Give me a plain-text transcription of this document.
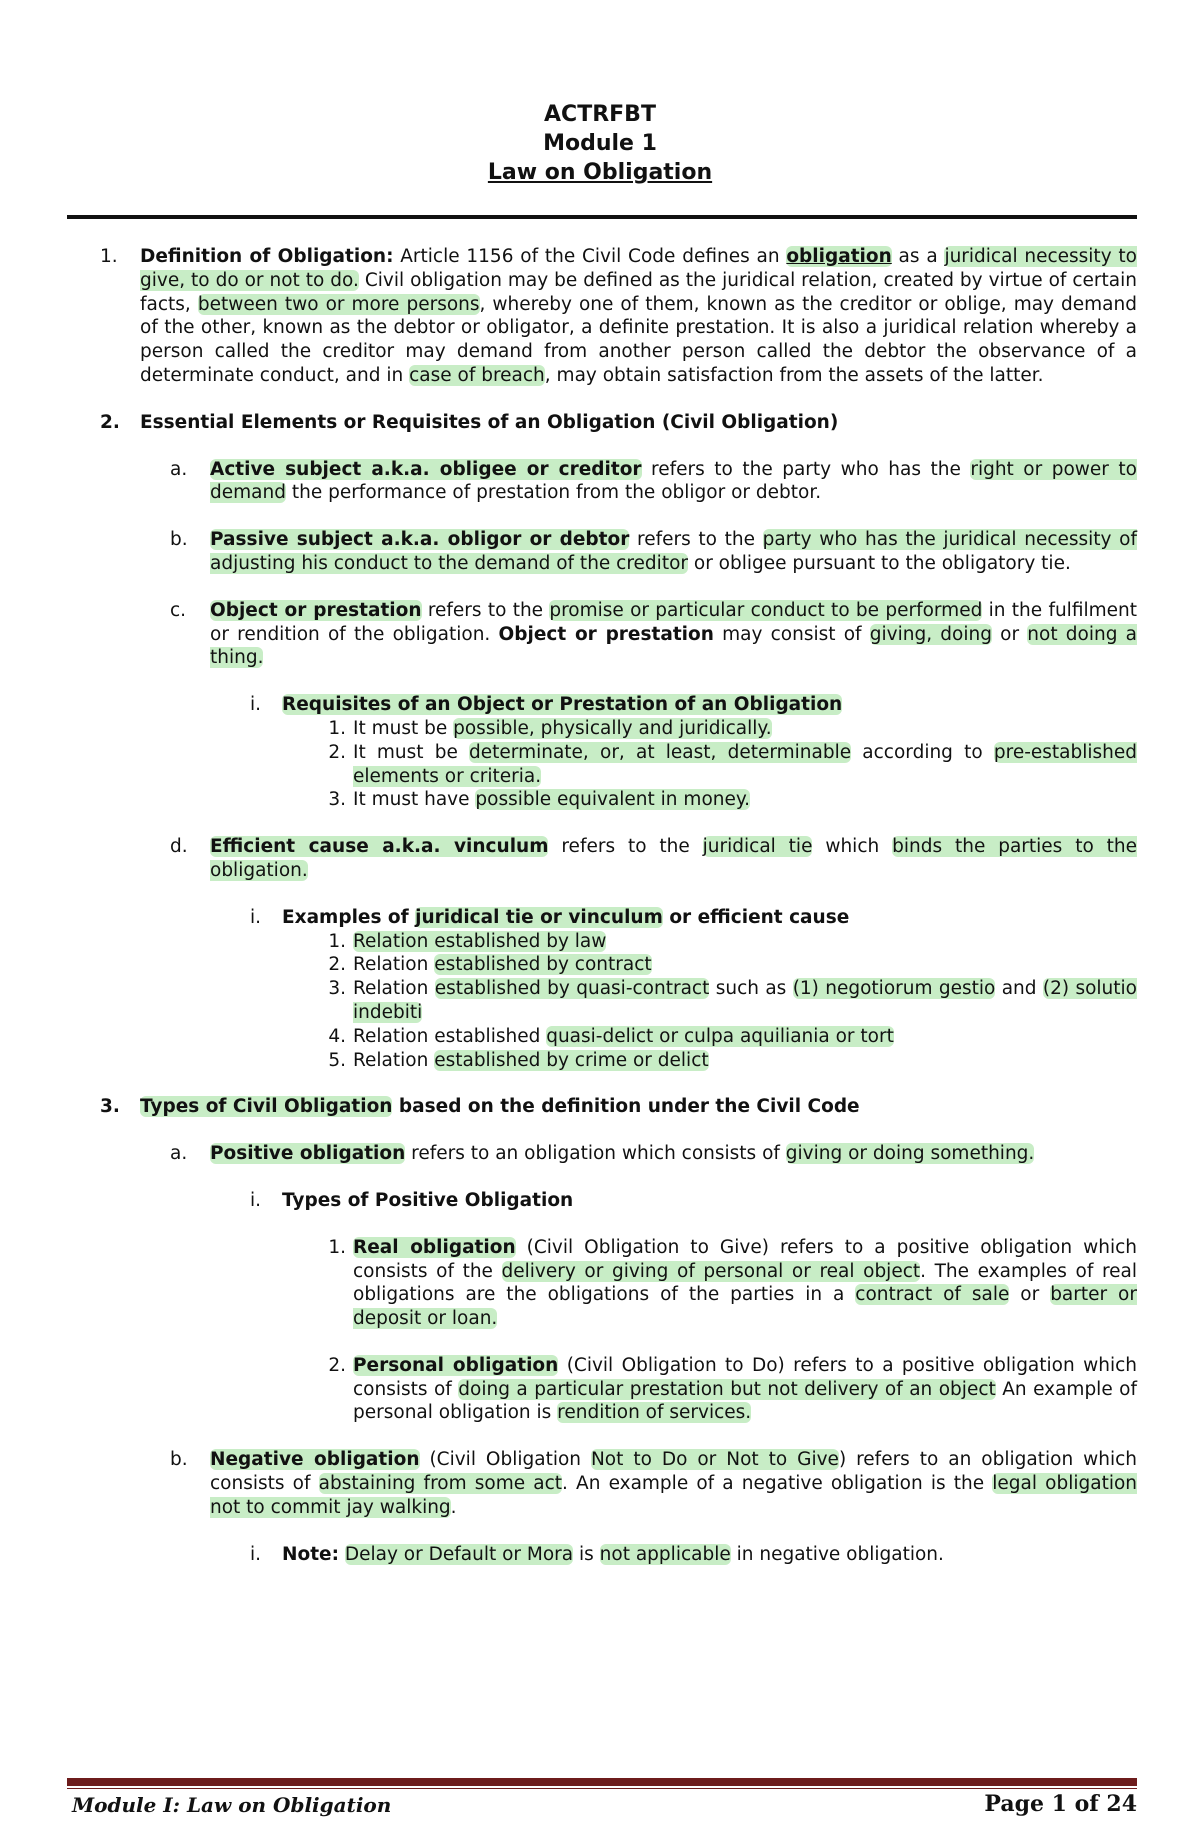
ACTRFBT
Module 1
Law on Obligation
1. Definition of Obligation: Article 1156 of the Civil Code defines an obligation as a juridical necessity to give, to do or not to do. Civil obligation may be defined as the juridical relation, created by virtue of certain facts, between two or more persons, whereby one of them, known as the creditor or oblige, may demand of the other, known as the debtor or obligator, a definite prestation. It is also a juridical relation whereby a person called the creditor may demand from another person called the debtor the observance of a determinate conduct, and in case of breach, may obtain satisfaction from the assets of the latter.
2. Essential Elements or Requisites of an Obligation (Civil Obligation)
a. Active subject a.k.a. obligee or creditor refers to the party who has the right or power to demand the performance of prestation from the obligor or debtor.
b. Passive subject a.k.a. obligor or debtor refers to the party who has the juridical necessity of adjusting his conduct to the demand of the creditor or obligee pursuant to the obligatory tie.
c. Object or prestation refers to the promise or particular conduct to be performed in the fulfilment or rendition of the obligation. Object or prestation may consist of giving, doing or not doing a thing.
i. Requisites of an Object or Prestation of an Obligation
1. It must be possible, physically and juridically.
2. It must be determinate, or, at least, determinable according to pre-established elements or criteria.
3. It must have possible equivalent in money.
d. Efficient cause a.k.a. vinculum refers to the juridical tie which binds the parties to the obligation.
i. Examples of juridical tie or vinculum or efficient cause
1. Relation established by law
2. Relation established by contract
3. Relation established by quasi-contract such as (1) negotiorum gestio and (2) solutio indebiti
4. Relation established quasi-delict or culpa aquiliania or tort
5. Relation established by crime or delict
3. Types of Civil Obligation based on the definition under the Civil Code
a. Positive obligation refers to an obligation which consists of giving or doing something.
i. Types of Positive Obligation
1. Real obligation (Civil Obligation to Give) refers to a positive obligation which consists of the delivery or giving of personal or real object. The examples of real obligations are the obligations of the parties in a contract of sale or barter or deposit or loan.
2. Personal obligation (Civil Obligation to Do) refers to a positive obligation which consists of doing a particular prestation but not delivery of an object An example of personal obligation is rendition of services.
b. Negative obligation (Civil Obligation Not to Do or Not to Give) refers to an obligation which consists of abstaining from some act. An example of a negative obligation is the legal obligation not to commit jay walking.
i. Note: Delay or Default or Mora is not applicable in negative obligation.
Module I: Law on Obligation	Page 1 of 24
